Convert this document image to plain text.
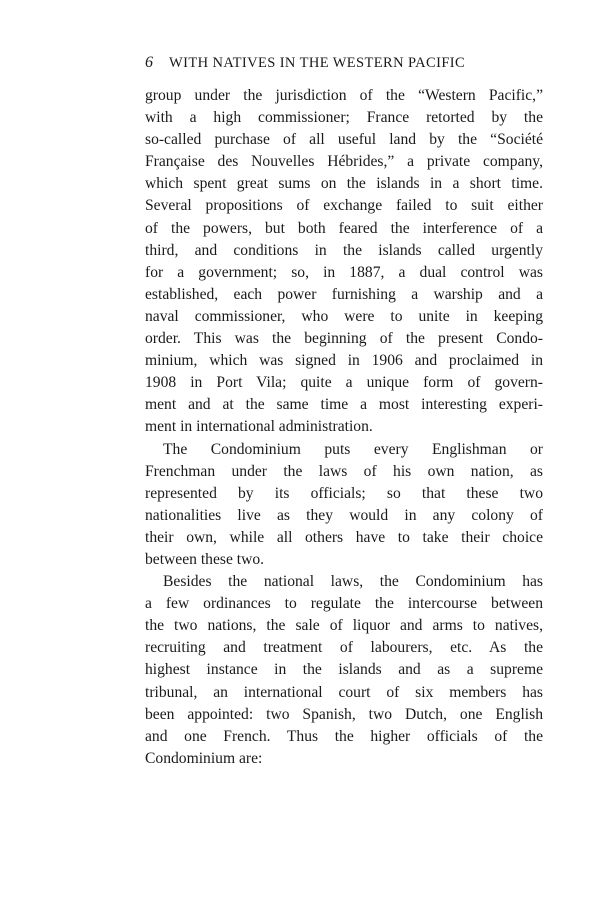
6 WITH NATIVES IN THE WESTERN PACIFIC
group under the jurisdiction of the “Western Pacific,”
with a high commissioner; France retorted by the
so-called purchase of all useful land by the “Société
Française des Nouvelles Hébrides,” a private company,
which spent great sums on the islands in a short time.
Several propositions of exchange failed to suit either
of the powers, but both feared the interference of a
third, and conditions in the islands called urgently
for a government; so, in 1887, a dual control was
established, each power furnishing a warship and a
naval commissioner, who were to unite in keeping
order. This was the beginning of the present Condo-
minium, which was signed in 1906 and proclaimed in
1908 in Port Vila; quite a unique form of govern-
ment and at the same time a most interesting experi-
ment in international administration.
The Condominium puts every Englishman or
Frenchman under the laws of his own nation, as
represented by its officials; so that these two
nationalities live as they would in any colony of
their own, while all others have to take their choice
between these two.
Besides the national laws, the Condominium has
a few ordinances to regulate the intercourse between
the two nations, the sale of liquor and arms to natives,
recruiting and treatment of labourers, etc. As the
highest instance in the islands and as a supreme
tribunal, an international court of six members has
been appointed: two Spanish, two Dutch, one English
and one French. Thus the higher officials of the
Condominium are:
